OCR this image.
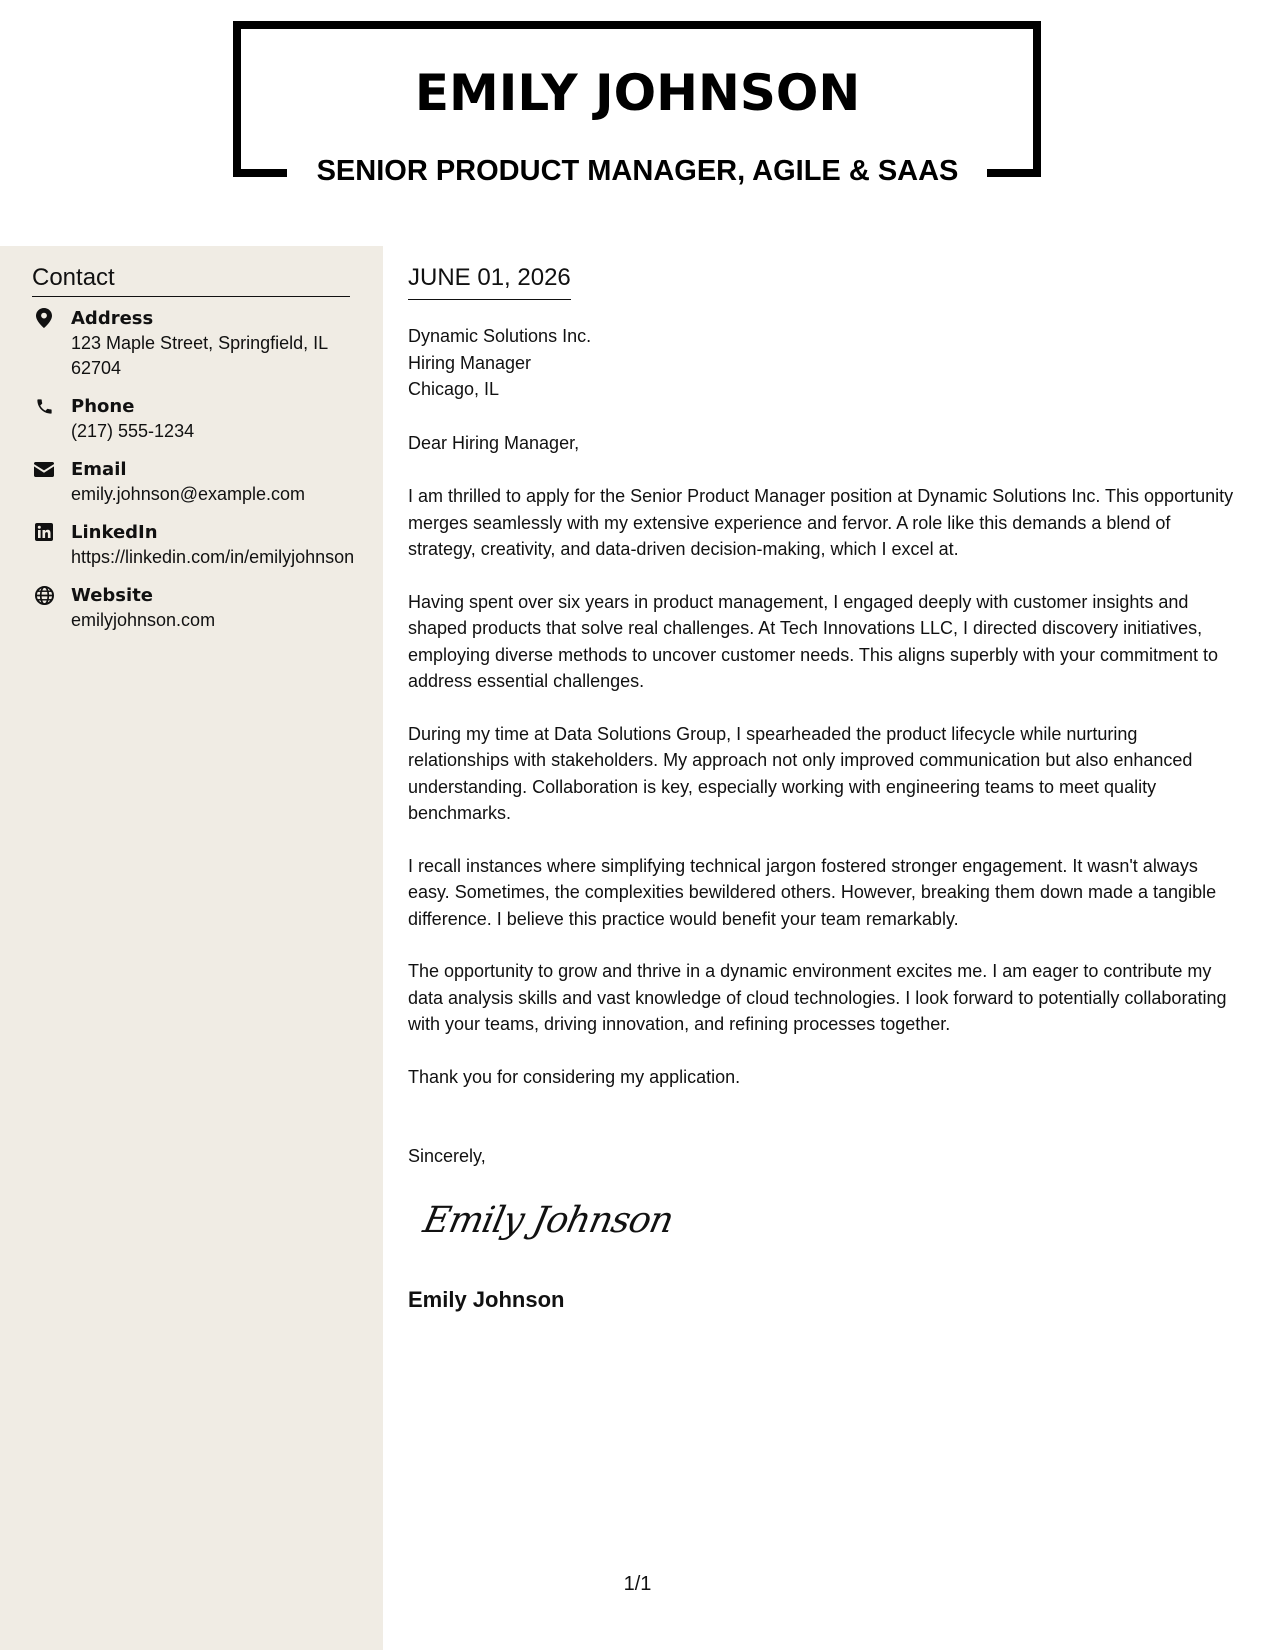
EMILY JOHNSON
SENIOR PRODUCT MANAGER, AGILE & SAAS
Contact
Address
123 Maple Street, Springfield, IL 62704
Phone
(217) 555-1234
Email
emily.johnson@example.com
LinkedIn
https://linkedin.com/in/emilyjohnson
Website
emilyjohnson.com
JUNE 01, 2026
Dynamic Solutions Inc.
Hiring Manager
Chicago, IL
Dear Hiring Manager,

I am thrilled to apply for the Senior Product Manager position at Dynamic Solutions Inc. This opportunity merges seamlessly with my extensive experience and fervor. A role like this demands a blend of strategy, creativity, and data-driven decision-making, which I excel at.

Having spent over six years in product management, I engaged deeply with customer insights and shaped products that solve real challenges. At Tech Innovations LLC, I directed discovery initiatives, employing diverse methods to uncover customer needs. This aligns superbly with your commitment to address essential challenges.

During my time at Data Solutions Group, I spearheaded the product lifecycle while nurturing relationships with stakeholders. My approach not only improved communication but also enhanced understanding. Collaboration is key, especially working with engineering teams to meet quality benchmarks.

I recall instances where simplifying technical jargon fostered stronger engagement. It wasn't always easy. Sometimes, the complexities bewildered others. However, breaking them down made a tangible difference. I believe this practice would benefit your team remarkably.

The opportunity to grow and thrive in a dynamic environment excites me. I am eager to contribute my data analysis skills and vast knowledge of cloud technologies. I look forward to potentially collaborating with your teams, driving innovation, and refining processes together.

Thank you for considering my application.

Sincerely,
Emily Johnson
Emily Johnson
1/1
